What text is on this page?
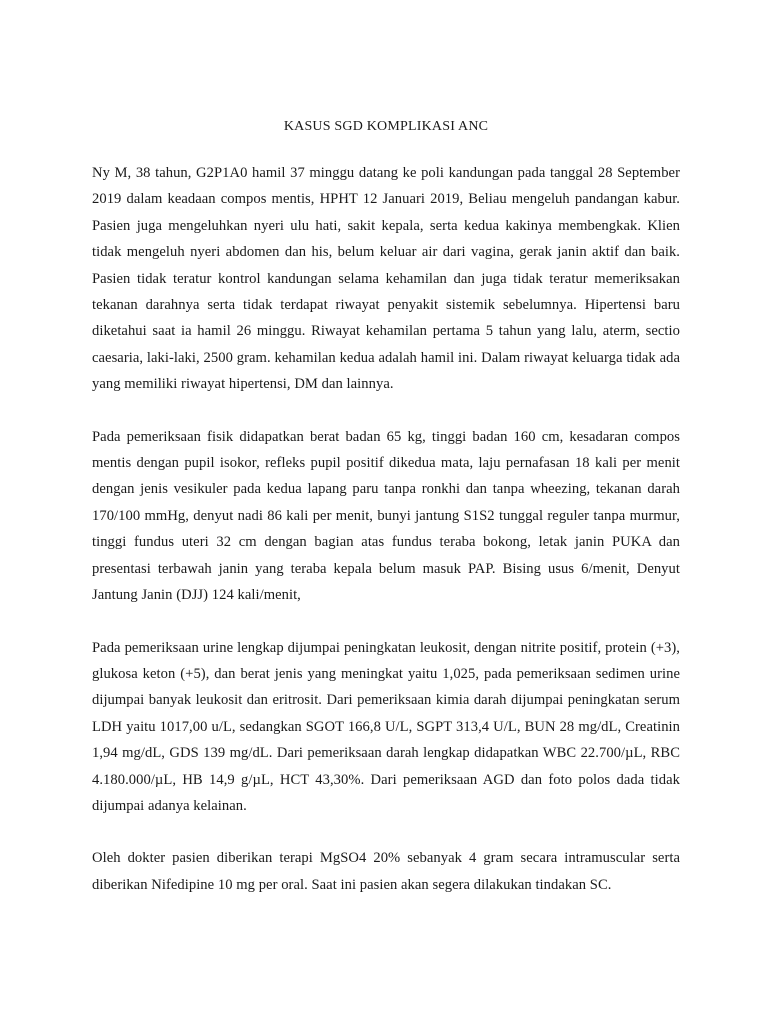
KASUS SGD KOMPLIKASI ANC

Ny M, 38 tahun, G2P1A0 hamil 37 minggu datang ke poli kandungan pada tanggal 28 September 2019 dalam keadaan compos mentis, HPHT 12 Januari 2019, Beliau mengeluh pandangan kabur. Pasien juga mengeluhkan nyeri ulu hati, sakit kepala, serta kedua kakinya membengkak. Klien tidak mengeluh nyeri abdomen dan his, belum keluar air dari vagina, gerak janin aktif dan baik. Pasien tidak teratur kontrol kandungan selama kehamilan dan juga tidak teratur memeriksakan tekanan darahnya serta tidak terdapat riwayat penyakit sistemik sebelumnya. Hipertensi baru diketahui saat ia hamil 26 minggu. Riwayat kehamilan pertama 5 tahun yang lalu, aterm, sectio caesaria, laki-laki, 2500 gram. kehamilan kedua adalah hamil ini. Dalam riwayat keluarga tidak ada yang memiliki riwayat hipertensi, DM dan lainnya.

Pada pemeriksaan fisik didapatkan berat badan 65 kg, tinggi badan 160 cm, kesadaran compos mentis dengan pupil isokor, refleks pupil positif dikedua mata, laju pernafasan 18 kali per menit dengan jenis vesikuler pada kedua lapang paru tanpa ronkhi dan tanpa wheezing, tekanan darah 170/100 mmHg, denyut nadi 86 kali per menit, bunyi jantung S1S2 tunggal reguler tanpa murmur, tinggi fundus uteri 32 cm dengan bagian atas fundus teraba bokong, letak janin PUKA dan presentasi terbawah janin yang teraba kepala belum masuk PAP. Bising usus 6/menit, Denyut Jantung Janin (DJJ) 124 kali/menit,

Pada pemeriksaan urine lengkap dijumpai peningkatan leukosit, dengan nitrite positif, protein (+3), glukosa keton (+5), dan berat jenis yang meningkat yaitu 1,025, pada pemeriksaan sedimen urine dijumpai banyak leukosit dan eritrosit. Dari pemeriksaan kimia darah dijumpai peningkatan serum LDH yaitu 1017,00 u/L, sedangkan SGOT 166,8 U/L, SGPT 313,4 U/L, BUN 28 mg/dL, Creatinin 1,94 mg/dL, GDS 139 mg/dL. Dari pemeriksaan darah lengkap didapatkan WBC 22.700/µL, RBC 4.180.000/µL, HB 14,9 g/µL, HCT 43,30%. Dari pemeriksaan AGD dan foto polos dada tidak dijumpai adanya kelainan.

Oleh dokter pasien diberikan terapi MgSO4 20% sebanyak 4 gram secara intramuscular serta diberikan Nifedipine 10 mg per oral. Saat ini pasien akan segera dilakukan tindakan SC.
